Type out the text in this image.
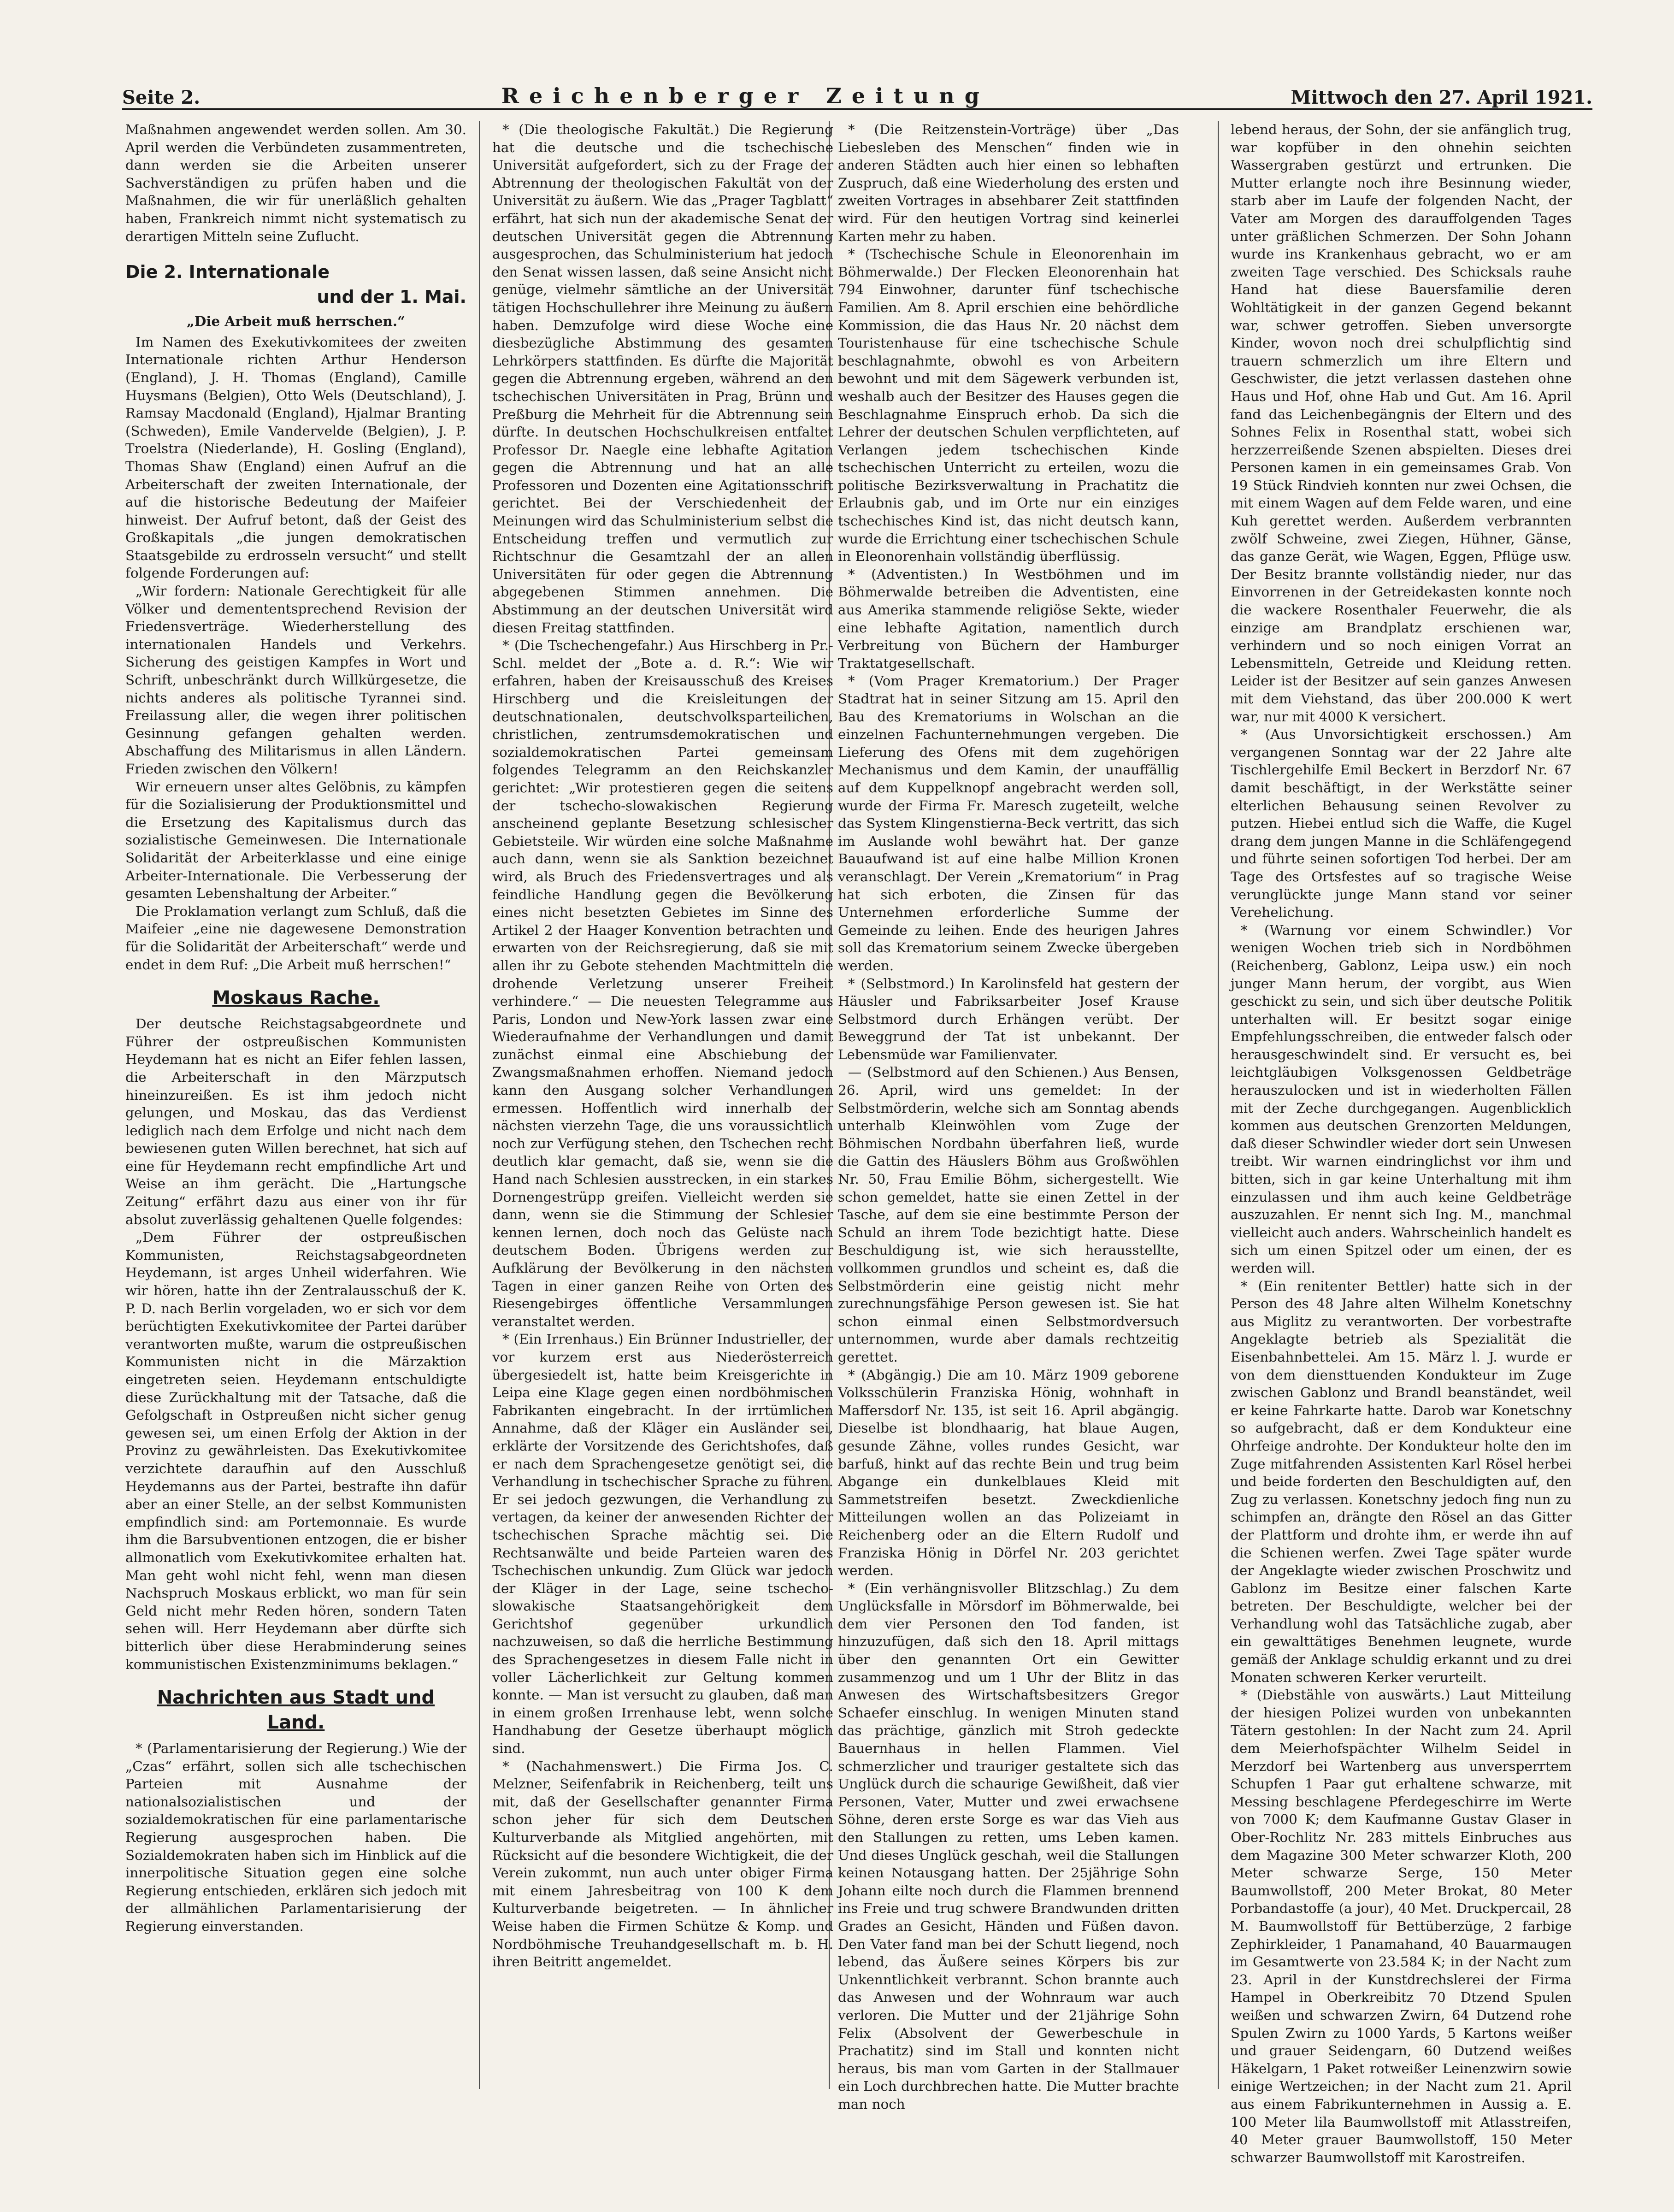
Seite 2.	Reichenberger Zeitung	Mittwoch den 27. April 1921.

Maßnahmen angewendet werden sollen. Am 30. April werden die Verbündeten zusammentreten, dann werden sie die Arbeiten unserer Sachverständigen zu prüfen haben und die Maßnahmen, die wir für unerläßlich gehalten haben, Frankreich nimmt nicht systematisch zu derartigen Mitteln seine Zuflucht.

Die 2. Internationale
und der 1. Mai.
„Die Arbeit muß herrschen.“

Im Namen des Exekutivkomitees der zweiten Internationale richten Arthur Henderson (England), J. H. Thomas (England), Camille Huysmans (Belgien), Otto Wels (Deutschland), J. Ramsay Macdonald (England), Hjalmar Branting (Schweden), Emile Vandervelde (Belgien), J. P. Troelstra (Niederlande), H. Gosling (England), Thomas Shaw (England) einen Aufruf an die Arbeiterschaft der zweiten Internationale, der auf die historische Bedeutung der Maifeier hinweist. Der Aufruf betont, daß der Geist des Großkapitals „die jungen demokratischen Staatsgebilde zu erdrosseln versucht“ und stellt folgende Forderungen auf:

„Wir fordern: Nationale Gerechtigkeit für alle Völker und demententsprechend Revision der Friedensverträge. Wiederherstellung des internationalen Handels und Verkehrs. Sicherung des geistigen Kampfes in Wort und Schrift, unbeschränkt durch Willkürgesetze, die nichts anderes als politische Tyrannei sind. Freilassung aller, die wegen ihrer politischen Gesinnung gefangen gehalten werden. Abschaffung des Militarismus in allen Ländern. Frieden zwischen den Völkern!

Wir erneuern unser altes Gelöbnis, zu kämpfen für die Sozialisierung der Produktionsmittel und die Ersetzung des Kapitalismus durch das sozialistische Gemeinwesen. Die Internationale Solidarität der Arbeiterklasse und eine einige Arbeiter-Internationale. Die Verbesserung der gesamten Lebenshaltung der Arbeiter.“

Die Proklamation verlangt zum Schluß, daß die Maifeier „eine nie dagewesene Demonstration für die Solidarität der Arbeiterschaft“ werde und endet in dem Ruf: „Die Arbeit muß herrschen!“

Moskaus Rache.

Der deutsche Reichstagsabgeordnete und Führer der ostpreußischen Kommunisten Heydemann hat es nicht an Eifer fehlen lassen, die Arbeiterschaft in den Märzputsch hineinzureißen. Es ist ihm jedoch nicht gelungen, und Moskau, das das Verdienst lediglich nach dem Erfolge und nicht nach dem bewiesenen guten Willen berechnet, hat sich auf eine für Heydemann recht empfindliche Art und Weise an ihm gerächt. Die „Hartungsche Zeitung“ erfährt dazu aus einer von ihr für absolut zuverlässig gehaltenen Quelle folgendes:

„Dem Führer der ostpreußischen Kommunisten, Reichstagsabgeordneten Heydemann, ist arges Unheil widerfahren. Wie wir hören, hatte ihn der Zentralausschuß der K. P. D. nach Berlin vorgeladen, wo er sich vor dem berüchtigten Exekutivkomitee der Partei darüber verantworten mußte, warum die ostpreußischen Kommunisten nicht in die Märzaktion eingetreten seien. Heydemann entschuldigte diese Zurückhaltung mit der Tatsache, daß die Gefolgschaft in Ostpreußen nicht sicher genug gewesen sei, um einen Erfolg der Aktion in der Provinz zu gewährleisten. Das Exekutivkomitee verzichtete daraufhin auf den Ausschluß Heydemanns aus der Partei, bestrafte ihn dafür aber an einer Stelle, an der selbst Kommunisten empfindlich sind: am Portemonnaie. Es wurde ihm die Barsubventionen entzogen, die er bisher allmonatlich vom Exekutivkomitee erhalten hat. Man geht wohl nicht fehl, wenn man diesen Nachspruch Moskaus erblickt, wo man für sein Geld nicht mehr Reden hören, sondern Taten sehen will. Herr Heydemann aber dürfte sich bitterlich über diese Herabminderung seines kommunistischen Existenzminimums beklagen.“

Nachrichten aus Stadt und Land.

* (Parlamentarisierung der Regierung.) Wie der „Czas“ erfährt, sollen sich alle tschechischen Parteien mit Ausnahme der nationalsozialistischen und der sozialdemokratischen für eine parlamentarische Regierung ausgesprochen haben. Die Sozialdemokraten haben sich im Hinblick auf die innerpolitische Situation gegen eine solche Regierung entschieden, erklären sich jedoch mit der allmählichen Parlamentarisierung der Regierung einverstanden.

* (Die theologische Fakultät.) Die Regierung hat die deutsche und die tschechische Universität aufgefordert, sich zu der Frage der Abtrennung der theologischen Fakultät von der Universität zu äußern. Wie das „Prager Tagblatt“ erfährt, hat sich nun der akademische Senat der deutschen Universität gegen die Abtrennung ausgesprochen, das Schulministerium hat jedoch den Senat wissen lassen, daß seine Ansicht nicht genüge, vielmehr sämtliche an der Universität tätigen Hochschullehrer ihre Meinung zu äußern haben. Demzufolge wird diese Woche eine diesbezügliche Abstimmung des gesamten Lehrkörpers stattfinden. Es dürfte die Majorität gegen die Abtrennung ergeben, während an den tschechischen Universitäten in Prag, Brünn und Preßburg die Mehrheit für die Abtrennung sein dürfte. In deutschen Hochschulkreisen entfaltet Professor Dr. Naegle eine lebhafte Agitation gegen die Abtrennung und hat an alle Professoren und Dozenten eine Agitationsschrift gerichtet. Bei der Verschiedenheit der Meinungen wird das Schulministerium selbst die Entscheidung treffen und vermutlich zur Richtschnur die Gesamtzahl der an allen Universitäten für oder gegen die Abtrennung abgegebenen Stimmen annehmen. Die Abstimmung an der deutschen Universität wird diesen Freitag stattfinden.

* (Die Tschechengefahr.) Aus Hirschberg in Pr.-Schl. meldet der „Bote a. d. R.“: Wie wir erfahren, haben der Kreisausschuß des Kreises Hirschberg und die Kreisleitungen der deutschnationalen, deutschvolksparteilichen, christlichen, zentrumsdemokratischen und sozialdemokratischen Partei gemeinsam folgendes Telegramm an den Reichskanzler gerichtet: „Wir protestieren gegen die seitens der tschecho-slowakischen Regierung anscheinend geplante Besetzung schlesischer Gebietsteile. Wir würden eine solche Maßnahme auch dann, wenn sie als Sanktion bezeichnet wird, als Bruch des Friedensvertrages und als feindliche Handlung gegen die Bevölkerung eines nicht besetzten Gebietes im Sinne des Artikel 2 der Haager Konvention betrachten und erwarten von der Reichsregierung, daß sie mit allen ihr zu Gebote stehenden Machtmitteln die drohende Verletzung unserer Freiheit verhindere.“ — Die neuesten Telegramme aus Paris, London und New-York lassen zwar eine Wiederaufnahme der Verhandlungen und damit zunächst einmal eine Abschiebung der Zwangsmaßnahmen erhoffen. Niemand jedoch kann den Ausgang solcher Verhandlungen ermessen. Hoffentlich wird innerhalb der nächsten vierzehn Tage, die uns voraussichtlich noch zur Verfügung stehen, den Tschechen recht deutlich klar gemacht, daß sie, wenn sie die Hand nach Schlesien ausstrecken, in ein starkes Dornengestrüpp greifen. Vielleicht werden sie dann, wenn sie die Stimmung der Schlesier kennen lernen, doch noch das Gelüste nach deutschem Boden. Übrigens werden zur Aufklärung der Bevölkerung in den nächsten Tagen in einer ganzen Reihe von Orten des Riesengebirges öffentliche Versammlungen veranstaltet werden.

* (Ein Irrenhaus.) Ein Brünner Industrieller, der vor kurzem erst aus Niederösterreich übergesiedelt ist, hatte beim Kreisgerichte in Leipa eine Klage gegen einen nordböhmischen Fabrikanten eingebracht. In der irrtümlichen Annahme, daß der Kläger ein Ausländer sei, erklärte der Vorsitzende des Gerichtshofes, daß er nach dem Sprachengesetze genötigt sei, die Verhandlung in tschechischer Sprache zu führen. Er sei jedoch gezwungen, die Verhandlung zu vertagen, da keiner der anwesenden Richter der tschechischen Sprache mächtig sei. Die Rechtsanwälte und beide Parteien waren des Tschechischen unkundig. Zum Glück war jedoch der Kläger in der Lage, seine tschecho-slowakische Staatsangehörigkeit dem Gerichtshof gegenüber urkundlich nachzuweisen, so daß die herrliche Bestimmung des Sprachengesetzes in diesem Falle nicht in voller Lächerlichkeit zur Geltung kommen konnte. — Man ist versucht zu glauben, daß man in einem großen Irrenhause lebt, wenn solche Handhabung der Gesetze überhaupt möglich sind.

* (Nachahmenswert.) Die Firma Jos. C. Melzner, Seifenfabrik in Reichenberg, teilt uns mit, daß der Gesellschafter genannter Firma schon jeher für sich dem Deutschen Kulturverbande als Mitglied angehörten, mit Rücksicht auf die besondere Wichtigkeit, die der Verein zukommt, nun auch unter obiger Firma mit einem Jahresbeitrag von 100 K dem Kulturverbande beigetreten. — In ähnlicher Weise haben die Firmen Schütze & Komp. und Nordböhmische Treuhandgesellschaft m. b. H. ihren Beitritt angemeldet.

* (Die Reitzenstein-Vorträge) über „Das Liebesleben des Menschen“ finden wie in anderen Städten auch hier einen so lebhaften Zuspruch, daß eine Wiederholung des ersten und zweiten Vortrages in absehbarer Zeit stattfinden wird. Für den heutigen Vortrag sind keinerlei Karten mehr zu haben.

* (Tschechische Schule in Eleonorenhain im Böhmerwalde.) Der Flecken Eleonorenhain hat 794 Einwohner, darunter fünf tschechische Familien. Am 8. April erschien eine behördliche Kommission, die das Haus Nr. 20 nächst dem Touristenhause für eine tschechische Schule beschlagnahmte, obwohl es von Arbeitern bewohnt und mit dem Sägewerk verbunden ist, weshalb auch der Besitzer des Hauses gegen die Beschlagnahme Einspruch erhob. Da sich die Lehrer der deutschen Schulen verpflichteten, auf Verlangen jedem tschechischen Kinde tschechischen Unterricht zu erteilen, wozu die politische Bezirksverwaltung in Prachatitz die Erlaubnis gab, und im Orte nur ein einziges tschechisches Kind ist, das nicht deutsch kann, wurde die Errichtung einer tschechischen Schule in Eleonorenhain vollständig überflüssig.

* (Adventisten.) In Westböhmen und im Böhmerwalde betreiben die Adventisten, eine aus Amerika stammende religiöse Sekte, wieder eine lebhafte Agitation, namentlich durch Verbreitung von Büchern der Hamburger Traktatgesellschaft.

* (Vom Prager Krematorium.) Der Prager Stadtrat hat in seiner Sitzung am 15. April den Bau des Krematoriums in Wolschan an die einzelnen Fachunternehmungen vergeben. Die Lieferung des Ofens mit dem zugehörigen Mechanismus und dem Kamin, der unauffällig auf dem Kuppelknopf angebracht werden soll, wurde der Firma Fr. Maresch zugeteilt, welche das System Klingenstierna-Beck vertritt, das sich im Auslande wohl bewährt hat. Der ganze Bauaufwand ist auf eine halbe Million Kronen veranschlagt. Der Verein „Krematorium“ in Prag hat sich erboten, die Zinsen für das Unternehmen erforderliche Summe der Gemeinde zu leihen. Ende des heurigen Jahres soll das Krematorium seinem Zwecke übergeben werden.

* (Selbstmord.) In Karolinsfeld hat gestern der Häusler und Fabriksarbeiter Josef Krause Selbstmord durch Erhängen verübt. Der Beweggrund der Tat ist unbekannt. Der Lebensmüde war Familienvater.

— (Selbstmord auf den Schienen.) Aus Bensen, 26. April, wird uns gemeldet: In der Selbstmörderin, welche sich am Sonntag abends unterhalb Kleinwöhlen vom Zuge der Böhmischen Nordbahn überfahren ließ, wurde die Gattin des Häuslers Böhm aus Großwöhlen Nr. 50, Frau Emilie Böhm, sichergestellt. Wie schon gemeldet, hatte sie einen Zettel in der Tasche, auf dem sie eine bestimmte Person der Schuld an ihrem Tode bezichtigt hatte. Diese Beschuldigung ist, wie sich herausstellte, vollkommen grundlos und scheint es, daß die Selbstmörderin eine geistig nicht mehr zurechnungsfähige Person gewesen ist. Sie hat schon einmal einen Selbstmordversuch unternommen, wurde aber damals rechtzeitig gerettet.

* (Abgängig.) Die am 10. März 1909 geborene Volksschülerin Franziska Hönig, wohnhaft in Maffersdorf Nr. 135, ist seit 16. April abgängig. Dieselbe ist blondhaarig, hat blaue Augen, gesunde Zähne, volles rundes Gesicht, war barfuß, hinkt auf das rechte Bein und trug beim Abgange ein dunkelblaues Kleid mit Sammetstreifen besetzt. Zweckdienliche Mitteilungen wollen an das Polizeiamt in Reichenberg oder an die Eltern Rudolf und Franziska Hönig in Dörfel Nr. 203 gerichtet werden.

* (Ein verhängnisvoller Blitzschlag.) Zu dem Unglücksfalle in Mörsdorf im Böhmerwalde, bei dem vier Personen den Tod fanden, ist hinzuzufügen, daß sich den 18. April mittags über den genannten Ort ein Gewitter zusammenzog und um 1 Uhr der Blitz in das Anwesen des Wirtschaftsbesitzers Gregor Schaefer einschlug. In wenigen Minuten stand das prächtige, gänzlich mit Stroh gedeckte Bauernhaus in hellen Flammen. Viel schmerzlicher und trauriger gestaltete sich das Unglück durch die schaurige Gewißheit, daß vier Personen, Vater, Mutter und zwei erwachsene Söhne, deren erste Sorge es war das Vieh aus den Stallungen zu retten, ums Leben kamen. Und dieses Unglück geschah, weil die Stallungen keinen Notausgang hatten. Der 25jährige Sohn Johann eilte noch durch die Flammen brennend ins Freie und trug schwere Brandwunden dritten Grades an Gesicht, Händen und Füßen davon. Den Vater fand man bei der Schutt liegend, noch lebend, das Äußere seines Körpers bis zur Unkenntlichkeit verbrannt. Schon brannte auch das Anwesen und der Wohnraum war auch verloren. Die Mutter und der 21jährige Sohn Felix (Absolvent der Gewerbeschule in Prachatitz) sind im Stall und konnten nicht heraus, bis man vom Garten in der Stallmauer ein Loch durchbrechen hatte. Die Mutter brachte man noch

lebend heraus, der Sohn, der sie anfänglich trug, war kopfüber in den ohnehin seichten Wassergraben gestürzt und ertrunken. Die Mutter erlangte noch ihre Besinnung wieder, starb aber im Laufe der folgenden Nacht, der Vater am Morgen des darauffolgenden Tages unter gräßlichen Schmerzen. Der Sohn Johann wurde ins Krankenhaus gebracht, wo er am zweiten Tage verschied. Des Schicksals rauhe Hand hat diese Bauersfamilie deren Wohltätigkeit in der ganzen Gegend bekannt war, schwer getroffen. Sieben unversorgte Kinder, wovon noch drei schulpflichtig sind trauern schmerzlich um ihre Eltern und Geschwister, die jetzt verlassen dastehen ohne Haus und Hof, ohne Hab und Gut. Am 16. April fand das Leichenbegängnis der Eltern und des Sohnes Felix in Rosenthal statt, wobei sich herzzerreißende Szenen abspielten. Dieses drei Personen kamen in ein gemeinsames Grab. Von 19 Stück Rindvieh konnten nur zwei Ochsen, die mit einem Wagen auf dem Felde waren, und eine Kuh gerettet werden. Außerdem verbrannten zwölf Schweine, zwei Ziegen, Hühner, Gänse, das ganze Gerät, wie Wagen, Eggen, Pflüge usw. Der Besitz brannte vollständig nieder, nur das Einvorrenen in der Getreidekasten konnte noch die wackere Rosenthaler Feuerwehr, die als einzige am Brandplatz erschienen war, verhindern und so noch einigen Vorrat an Lebensmitteln, Getreide und Kleidung retten. Leider ist der Besitzer auf sein ganzes Anwesen mit dem Viehstand, das über 200.000 K wert war, nur mit 4000 K versichert.

* (Aus Unvorsichtigkeit erschossen.) Am vergangenen Sonntag war der 22 Jahre alte Tischlergehilfe Emil Beckert in Berzdorf Nr. 67 damit beschäftigt, in der Werkstätte seiner elterlichen Behausung seinen Revolver zu putzen. Hiebei entlud sich die Waffe, die Kugel drang dem jungen Manne in die Schläfengegend und führte seinen sofortigen Tod herbei. Der am Tage des Ortsfestes auf so tragische Weise verunglückte junge Mann stand vor seiner Verehelichung.

* (Warnung vor einem Schwindler.) Vor wenigen Wochen trieb sich in Nordböhmen (Reichenberg, Gablonz, Leipa usw.) ein noch junger Mann herum, der vorgibt, aus Wien geschickt zu sein, und sich über deutsche Politik unterhalten will. Er besitzt sogar einige Empfehlungsschreiben, die entweder falsch oder herausgeschwindelt sind. Er versucht es, bei leichtgläubigen Volksgenossen Geldbeträge herauszulocken und ist in wiederholten Fällen mit der Zeche durchgegangen. Augenblicklich kommen aus deutschen Grenzorten Meldungen, daß dieser Schwindler wieder dort sein Unwesen treibt. Wir warnen eindringlichst vor ihm und bitten, sich in gar keine Unterhaltung mit ihm einzulassen und ihm auch keine Geldbeträge auszuzahlen. Er nennt sich Ing. M., manchmal vielleicht auch anders. Wahrscheinlich handelt es sich um einen Spitzel oder um einen, der es werden will.

* (Ein renitenter Bettler) hatte sich in der Person des 48 Jahre alten Wilhelm Konetschny aus Miglitz zu verantworten. Der vorbestrafte Angeklagte betrieb als Spezialität die Eisenbahnbettelei. Am 15. März l. J. wurde er von dem diensttuenden Kondukteur im Zuge zwischen Gablonz und Brandl beanständet, weil er keine Fahrkarte hatte. Darob war Konetschny so aufgebracht, daß er dem Kondukteur eine Ohrfeige androhte. Der Kondukteur holte den im Zuge mitfahrenden Assistenten Karl Rösel herbei und beide forderten den Beschuldigten auf, den Zug zu verlassen. Konetschny jedoch fing nun zu schimpfen an, drängte den Rösel an das Gitter der Plattform und drohte ihm, er werde ihn auf die Schienen werfen. Zwei Tage später wurde der Angeklagte wieder zwischen Proschwitz und Gablonz im Besitze einer falschen Karte betreten. Der Beschuldigte, welcher bei der Verhandlung wohl das Tatsächliche zugab, aber ein gewalttätiges Benehmen leugnete, wurde gemäß der Anklage schuldig erkannt und zu drei Monaten schweren Kerker verurteilt.

* (Diebstähle von auswärts.) Laut Mitteilung der hiesigen Polizei wurden von unbekannten Tätern gestohlen: In der Nacht zum 24. April dem Meierhofspächter Wilhelm Seidel in Merzdorf bei Wartenberg aus unversperrtem Schupfen 1 Paar gut erhaltene schwarze, mit Messing beschlagene Pferdegeschirre im Werte von 7000 K; dem Kaufmanne Gustav Glaser in Ober-Rochlitz Nr. 283 mittels Einbruches aus dem Magazine 300 Meter schwarzer Kloth, 200 Meter schwarze Serge, 150 Meter Baumwollstoff, 200 Meter Brokat, 80 Meter Porbandastoffe (a jour), 40 Met. Druckpercail, 28 M. Baumwollstoff für Bettüberzüge, 2 farbige Zephirkleider, 1 Panamahand, 40 Bauarmaugen im Gesamtwerte von 23.584 K; in der Nacht zum 23. April in der Kunstdrechslerei der Firma Hampel in Oberkreibitz 70 Dtzend Spulen weißen und schwarzen Zwirn, 64 Dutzend rohe Spulen Zwirn zu 1000 Yards, 5 Kartons weißer und grauer Seidengarn, 60 Dutzend weißes Häkelgarn, 1 Paket rotweißer Leinenzwirn sowie einige Wertzeichen; in der Nacht zum 21. April aus einem Fabrikunternehmen in Aussig a. E. 100 Meter lila Baumwollstoff mit Atlasstreifen, 40 Meter grauer Baumwollstoff, 150 Meter schwarzer Baumwollstoff mit Karostreifen.
